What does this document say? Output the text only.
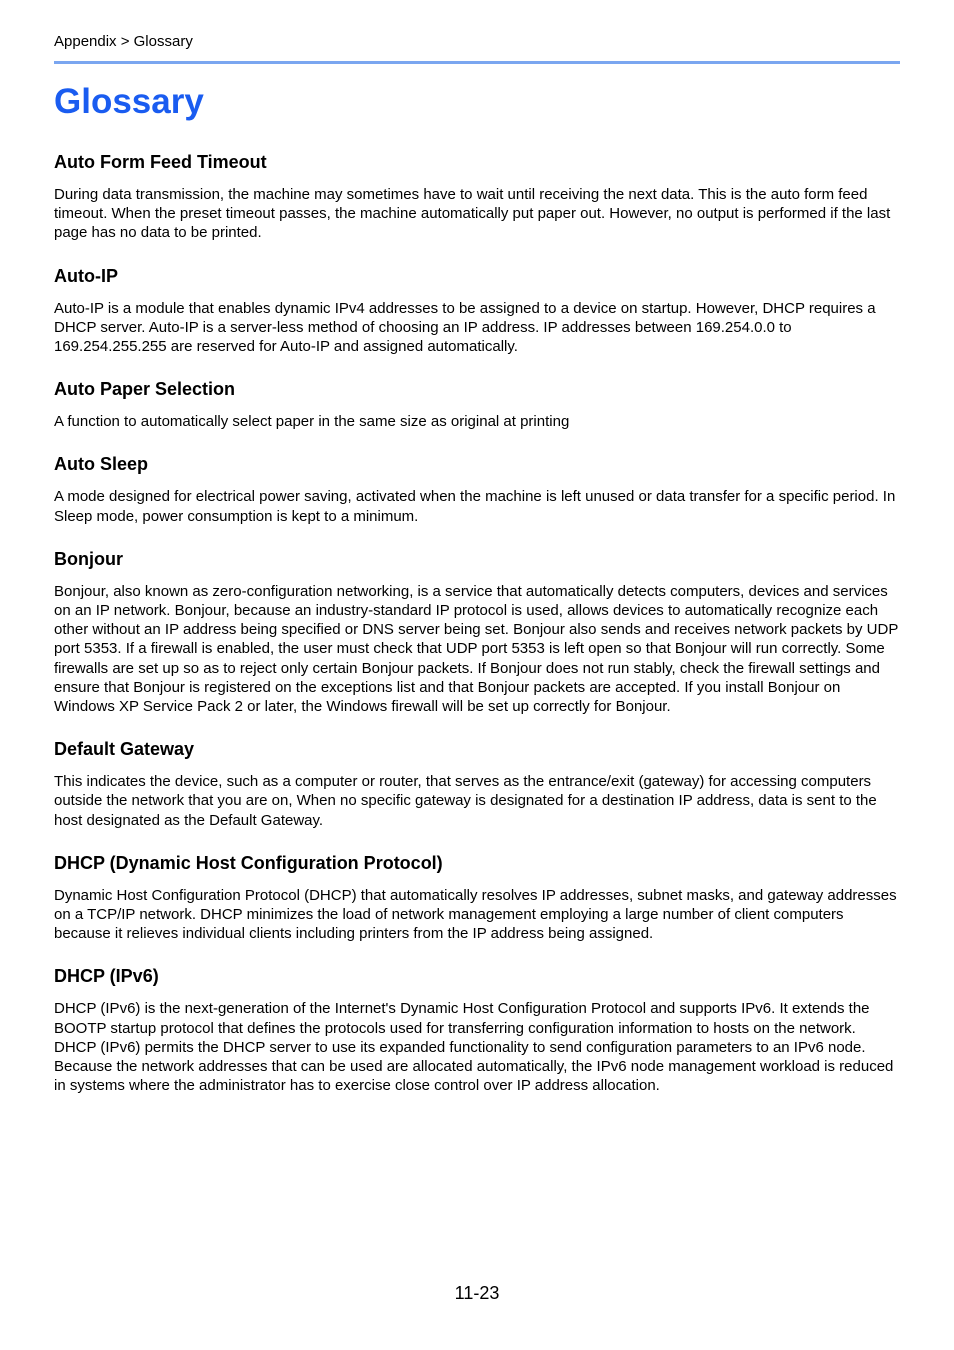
Appendix > Glossary
Glossary
Auto Form Feed Timeout

During data transmission, the machine may sometimes have to wait until receiving the next data. This is the auto form feed timeout. When the preset timeout passes, the machine automatically put paper out. However, no output is performed if the last page has no data to be printed.

Auto-IP

Auto-IP is a module that enables dynamic IPv4 addresses to be assigned to a device on startup. However, DHCP requires a DHCP server. Auto-IP is a server-less method of choosing an IP address. IP addresses between 169.254.0.0 to 169.254.255.255 are reserved for Auto-IP and assigned automatically.

Auto Paper Selection

A function to automatically select paper in the same size as original at printing

Auto Sleep

A mode designed for electrical power saving, activated when the machine is left unused or data transfer for a specific period. In Sleep mode, power consumption is kept to a minimum.

Bonjour

Bonjour, also known as zero-configuration networking, is a service that automatically detects computers, devices and services on an IP network. Bonjour, because an industry-standard IP protocol is used, allows devices to automatically recognize each other without an IP address being specified or DNS server being set. Bonjour also sends and receives network packets by UDP port 5353. If a firewall is enabled, the user must check that UDP port 5353 is left open so that Bonjour will run correctly. Some firewalls are set up so as to reject only certain Bonjour packets. If Bonjour does not run stably, check the firewall settings and ensure that Bonjour is registered on the exceptions list and that Bonjour packets are accepted. If you install Bonjour on Windows XP Service Pack 2 or later, the Windows firewall will be set up correctly for Bonjour.

Default Gateway

This indicates the device, such as a computer or router, that serves as the entrance/exit (gateway) for accessing computers outside the network that you are on, When no specific gateway is designated for a destination IP address, data is sent to the host designated as the Default Gateway.

DHCP (Dynamic Host Configuration Protocol)

Dynamic Host Configuration Protocol (DHCP) that automatically resolves IP addresses, subnet masks, and gateway addresses on a TCP/IP network. DHCP minimizes the load of network management employing a large number of client computers because it relieves individual clients including printers from the IP address being assigned.

DHCP (IPv6)

DHCP (IPv6) is the next-generation of the Internet's Dynamic Host Configuration Protocol and supports IPv6. It extends the BOOTP startup protocol that defines the protocols used for transferring configuration information to hosts on the network. DHCP (IPv6) permits the DHCP server to use its expanded functionality to send configuration parameters to an IPv6 node. Because the network addresses that can be used are allocated automatically, the IPv6 node management workload is reduced in systems where the administrator has to exercise close control over IP address allocation.

11-23
